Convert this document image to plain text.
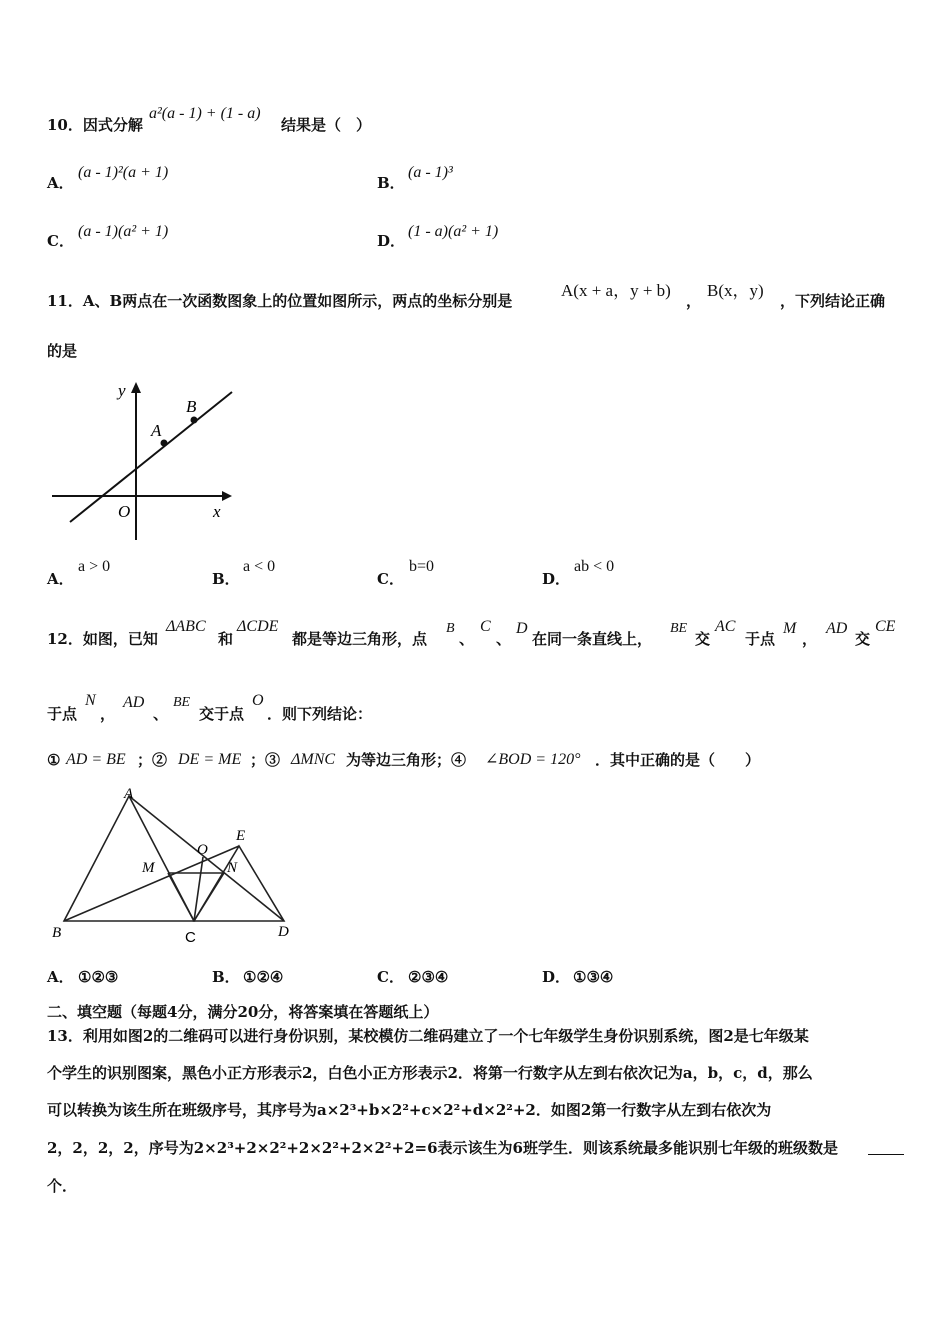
10．因式分解
a²(a - 1) + (1 - a)
结果是（　）
A．
(a - 1)²(a + 1)
B．
(a - 1)³
C．
(a - 1)(a² + 1)
D．
(1 - a)(a² + 1)
11．A、B两点在一次函数图象上的位置如图所示，两点的坐标分别是
A(x + a，y + b)
，
B(x，y)
，下列结论正确
的是
y
x
O
A
B
A．
a > 0
B．
a < 0
C．
b=0
D．
ab < 0
12．如图，已知
ΔABC
和
ΔCDE
都是等边三角形，点
B
、
C
、
D
在同一条直线上，
BE
交
AC
于点
M
，
AD
交
CE
于点
N
，
AD
、
BE
交于点
O
．则下列结论：
① AD = BE ；② DE = ME ；③ ΔMNC 为等边三角形；④ ∠BOD = 120° ．其中正确的是（　　）
A
B	C	D
E
M	N
O
A． ①②③	B． ①②④	C． ②③④	D． ①③④
二、填空题（每题4分，满分20分，将答案填在答题纸上）
13．利用如图2的二维码可以进行身份识别，某校模仿二维码建立了一个七年级学生身份识别系统，图2是七年级某
个学生的识别图案，黑色小正方形表示2，白色小正方形表示2．将第一行数字从左到右依次记为a，b，c，d，那么
可以转换为该生所在班级序号，其序号为a×2³+b×2²+c×2²+d×2²+2．如图2第一行数字从左到右依次为
2，2，2，2，序号为2×2³+2×2²+2×2²+2×2²+2=6表示该生为6班学生．则该系统最多能识别七年级的班级数是
个．
